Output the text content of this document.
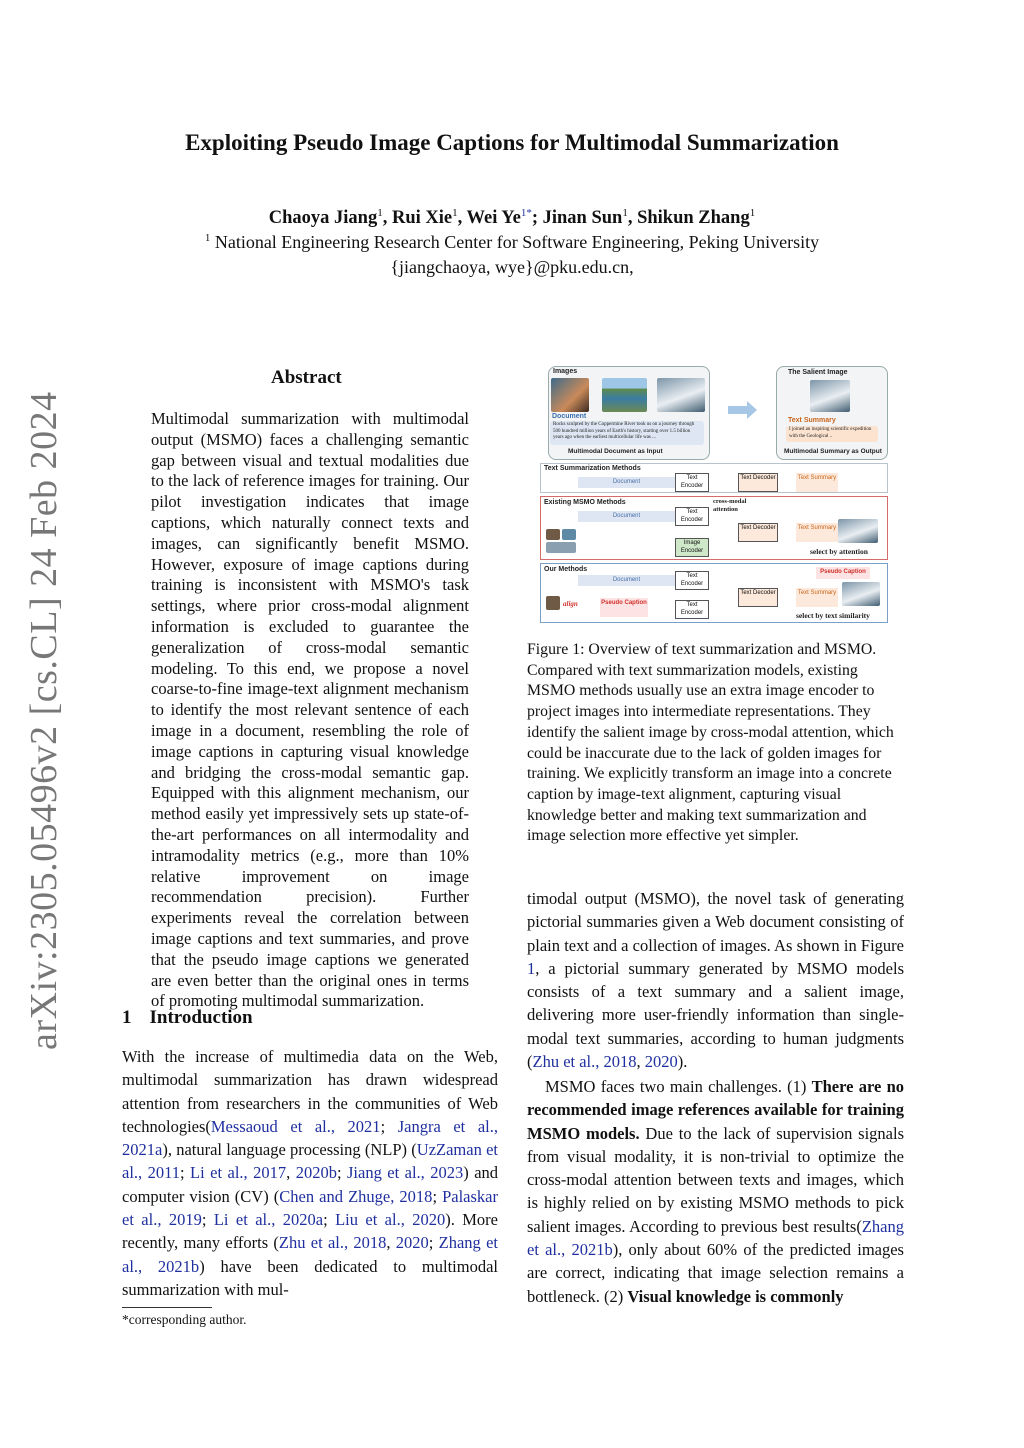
Exploiting Pseudo Image Captions for Multimodal Summarization
Chaoya Jiang$^1$, Rui Xie$^1$, Wei $Ye^{1*}$; Jinan Sun$^1$, Shikun Zhang$^1$
$^1$ National Engineering Research Center for Software Engineering, Peking University
{jiangchaoya, wye}@pku.edu.cn,
arXiv:2305.05496v2 [cs.CL] 24 Feb 2024
Abstract
Multimodal summarization with multimodal output (MSMO) faces a challenging semantic gap between visual and textual modalities due to the lack of reference images for training. Our pilot investigation indicates that image captions, which naturally connect texts and images, can significantly benefit MSMO. However, exposure of image captions during training is inconsistent with MSMO's task settings, where prior cross-modal alignment information is excluded to guarantee the generalization of cross-modal semantic modeling. To this end, we propose a novel coarse-to-fine image-text alignment mechanism to identify the most relevant sentence of each image in a document, resembling the role of image captions in capturing visual knowledge and bridging the cross-modal semantic gap. Equipped with this alignment mechanism, our method easily yet impressively sets up state-of-the-art performances on all intermodality and intramodality metrics (e.g., more than 10% relative improvement on image recommendation precision). Further experiments reveal the correlation between image captions and text summaries, and prove that the pseudo image captions we generated are even better than the original ones in terms of promoting multimodal summarization.
1 Introduction
With the increase of multimedia data on the Web, multimodal summarization has drawn widespread attention from researchers in the communities of Web technologies(Messaoud et al., 2021; Jangra et al., 2021a), natural language processing (NLP) (UzZaman et al., 2011; Li et al., 2017, 2020b; Jiang et al., 2023) and computer vision (CV) (Chen and Zhuge, 2018; Palaskar et al., 2019; Li et al., 2020a; Liu et al., 2020). More recently, many efforts (Zhu et al., 2018, 2020; Zhang et al., 2021b) have been dedicated to multimodal summarization with mul-
*corresponding author.
Images
Document
Rocks sculpted by the Coppermine River took us on a journey through 500 hundred million years of Earth's history, starting over 1.5 billion years ago when the earliest multicellular life was ...
Multimodal Document as Input
The Salient Image
Text Summary
I joined an inspiring scientific expedition with the Geological ..
Multimodal Summary as Output
Text Summarization Methods
Document
Text Encoder
Text Decoder	Text Summary
Existing MSMO Methods
Document
Text Encoder
cross-modal attention
Text Decoder	Text Summary
Image Encoder	select by attention
Our Methods
Document
Text Encoder
align	Pseudo Caption	Text Encoder
Text Decoder
Pseudo Caption
Text Summary
select by text similarity
Figure 1: Overview of text summarization and MSMO. Compared with text summarization models, existing MSMO methods usually use an extra image encoder to project images into intermediate representations. They identify the salient image by cross-modal attention, which could be inaccurate due to the lack of golden images for training. We explicitly transform an image into a concrete caption by image-text alignment, capturing visual knowledge better and making text summarization and image selection more effective yet simpler.
timodal output (MSMO), the novel task of generating pictorial summaries given a Web document consisting of plain text and a collection of images. As shown in Figure 1, a pictorial summary generated by MSMO models consists of a text summary and a salient image, delivering more user-friendly information than single-modal text summaries, according to human judgments (Zhu et al., 2018, 2020).
MSMO faces two main challenges. (1) There are no recommended image references available for training MSMO models. Due to the lack of supervision signals from visual modality, it is non-trivial to optimize the cross-modal attention between texts and images, which is highly relied on by existing MSMO methods to pick salient images. According to previous best results(Zhang et al., 2021b), only about 60% of the predicted images are correct, indicating that image selection remains a bottleneck. (2) Visual knowledge is commonly
